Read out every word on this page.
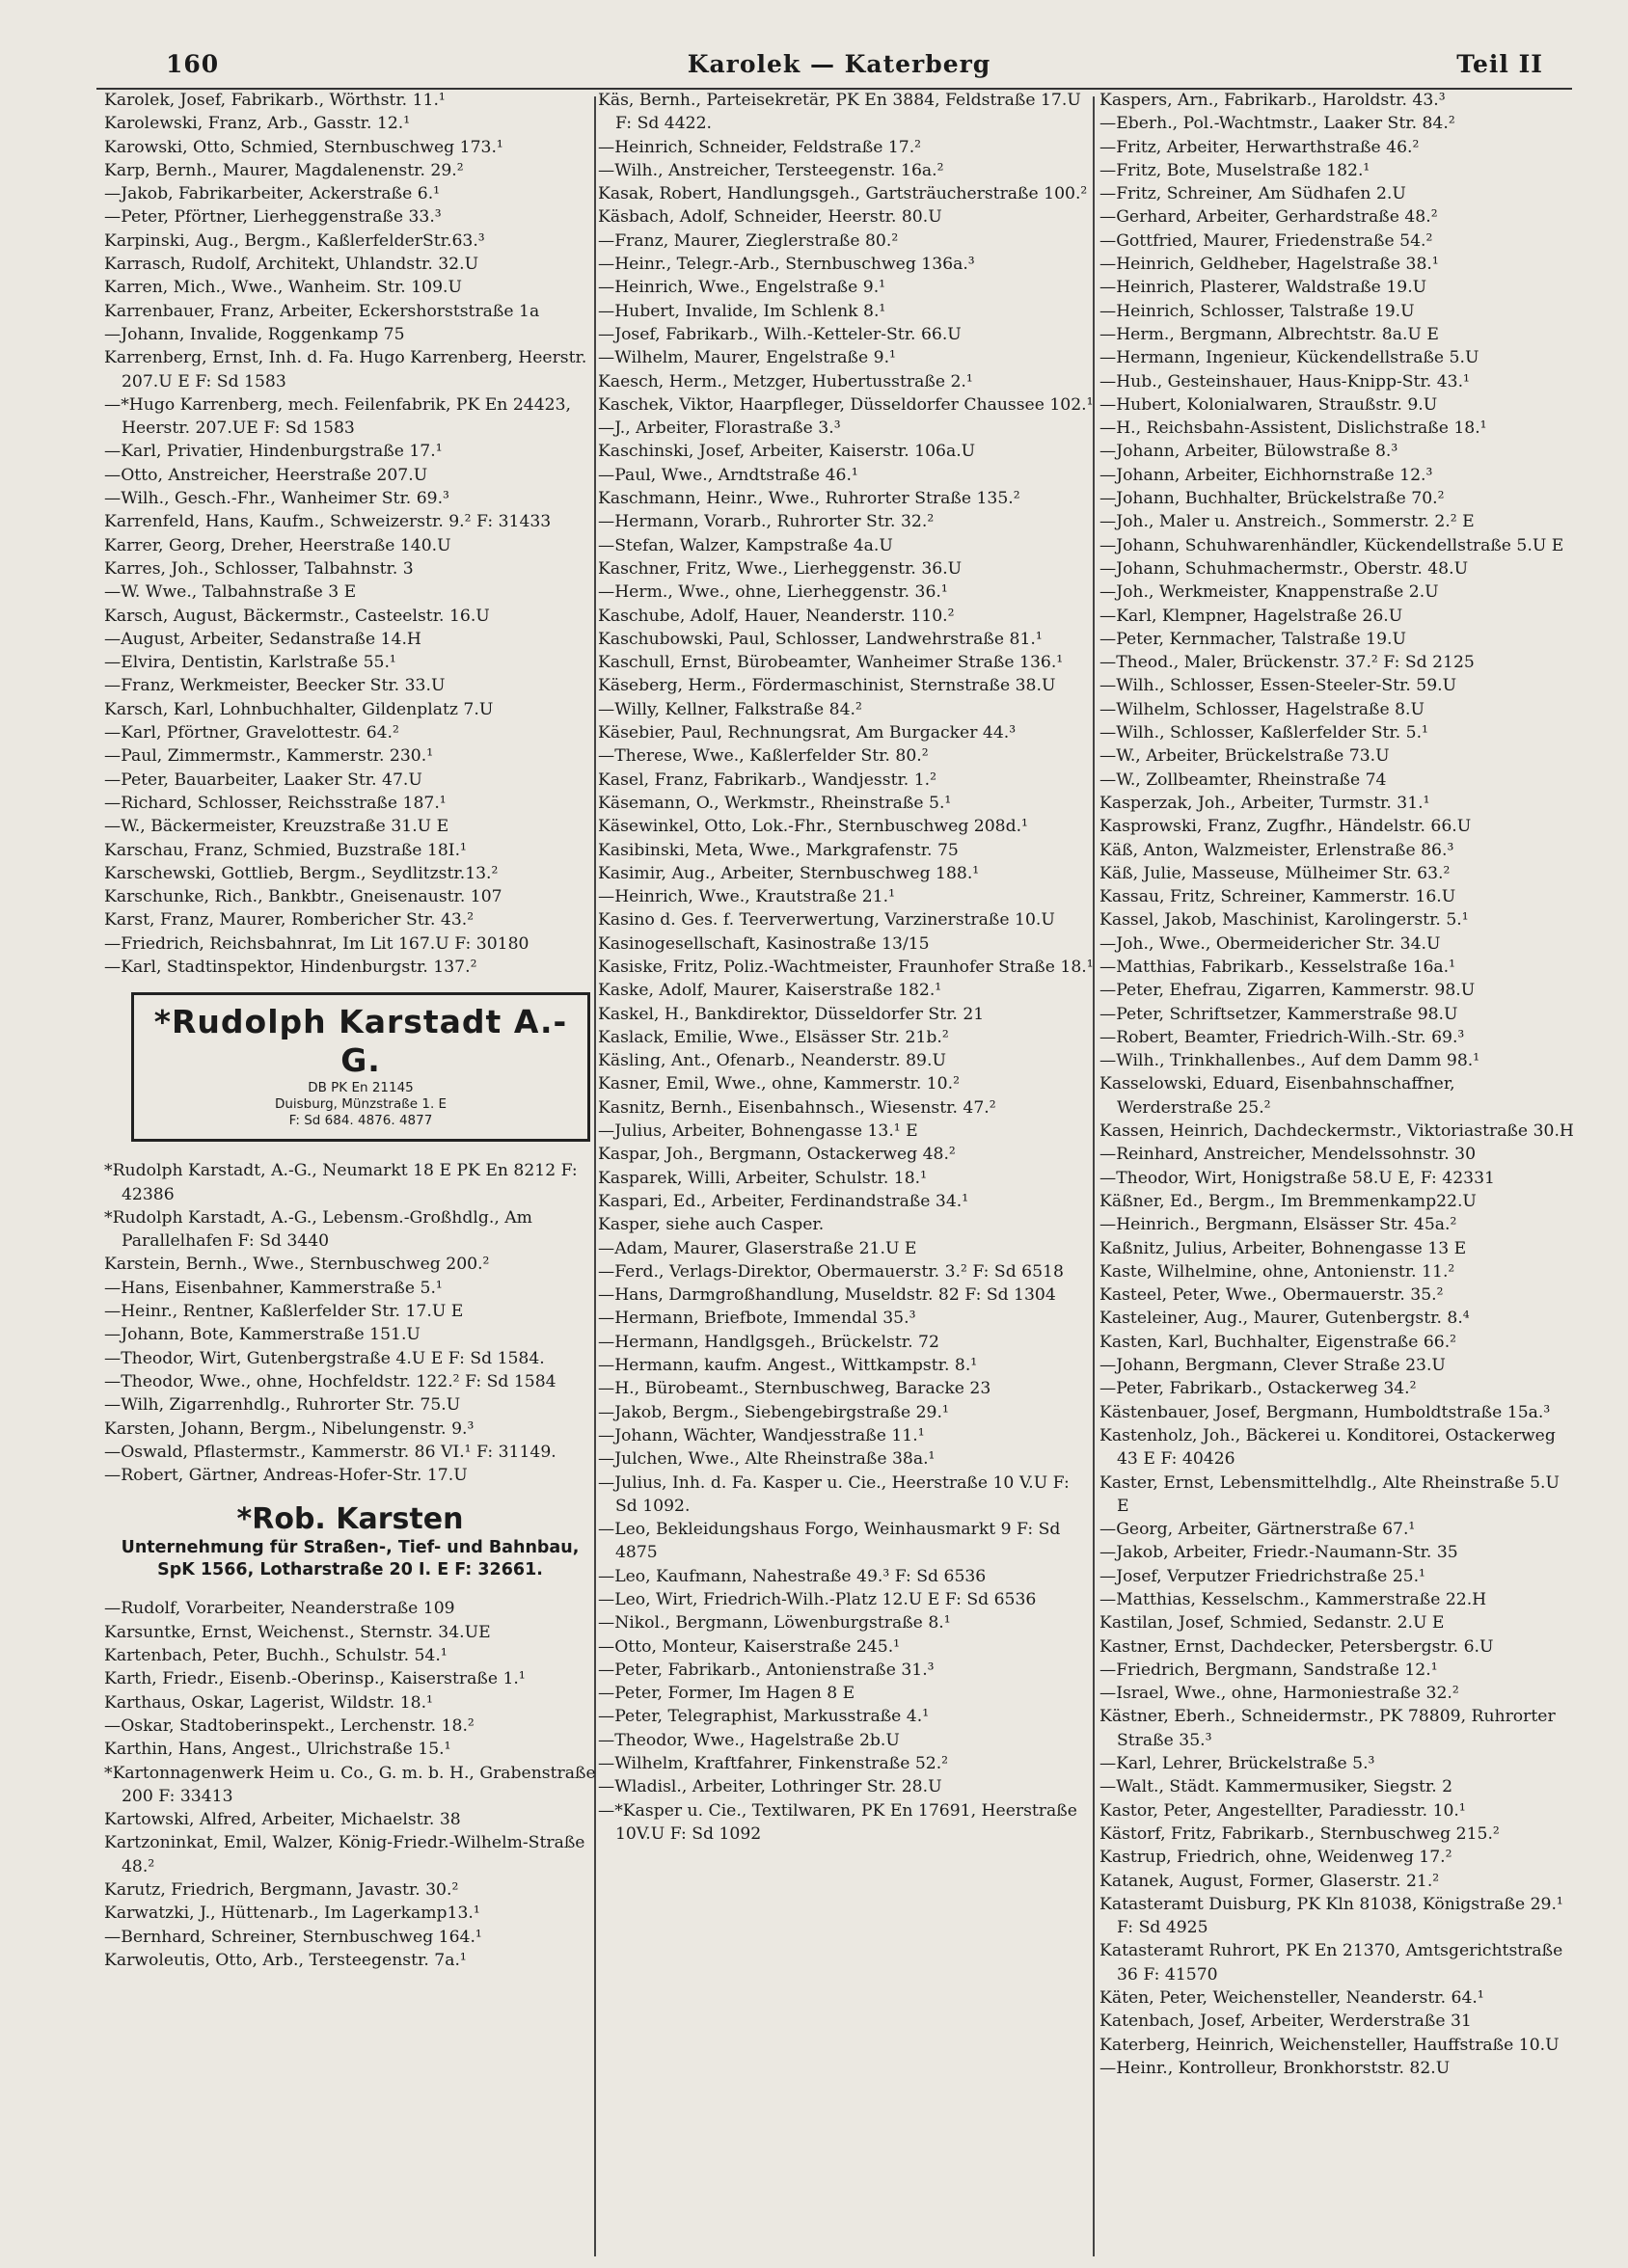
160	Karolek — Katerberg	Teil II

Karolek, Josef, Fabrikarb., Wörthstr. 11.¹

Karolewski, Franz, Arb., Gasstr. 12.¹

Karowski, Otto, Schmied, Sternbuschweg 173.¹

Karp, Bernh., Maurer, Magdalenenstr. 29.²

—Jakob, Fabrikarbeiter, Ackerstraße 6.¹

—Peter, Pförtner, Lierheggenstraße 33.³

Karpinski, Aug., Bergm., KaßlerfelderStr.63.³

Karrasch, Rudolf, Architekt, Uhlandstr. 32.U

Karren, Mich., Wwe., Wanheim. Str. 109.U

Karrenbauer, Franz, Arbeiter, Eckershorststraße 1a

—Johann, Invalide, Roggenkamp 75

Karrenberg, Ernst, Inh. d. Fa. Hugo Karrenberg, Heerstr. 207.U E F: Sd 1583

—*Hugo Karrenberg, mech. Feilenfabrik, PK En 24423, Heerstr. 207.UE F: Sd 1583

—Karl, Privatier, Hindenburgstraße 17.¹

—Otto, Anstreicher, Heerstraße 207.U

—Wilh., Gesch.-Fhr., Wanheimer Str. 69.³

Karrenfeld, Hans, Kaufm., Schweizerstr. 9.² F: 31433

Karrer, Georg, Dreher, Heerstraße 140.U

Karres, Joh., Schlosser, Talbahnstr. 3

—W. Wwe., Talbahnstraße 3 E

Karsch, August, Bäckermstr., Casteelstr. 16.U

—August, Arbeiter, Sedanstraße 14.H

—Elvira, Dentistin, Karlstraße 55.¹

—Franz, Werkmeister, Beecker Str. 33.U

Karsch, Karl, Lohnbuchhalter, Gildenplatz 7.U

—Karl, Pförtner, Gravelottestr. 64.²

—Paul, Zimmermstr., Kammerstr. 230.¹

—Peter, Bauarbeiter, Laaker Str. 47.U

—Richard, Schlosser, Reichsstraße 187.¹

—W., Bäckermeister, Kreuzstraße 31.U E

Karschau, Franz, Schmied, Buzstraße 18I.¹

Karschewski, Gottlieb, Bergm., Seydlitzstr.13.²

Karschunke, Rich., Bankbtr., Gneisenaustr. 107

Karst, Franz, Maurer, Rombericher Str. 43.²

—Friedrich, Reichsbahnrat, Im Lit 167.U F: 30180

—Karl, Stadtinspektor, Hindenburgstr. 137.²

*Rudolph Karstadt A.-G.
DB PK En 21145
Duisburg, Münzstraße 1. E
F: Sd 684. 4876. 4877

*Rudolph Karstadt, A.-G., Neumarkt 18 E PK En 8212 F: 42386

*Rudolph Karstadt, A.-G., Lebensm.-Großhdlg., Am Parallelhafen F: Sd 3440

Karstein, Bernh., Wwe., Sternbuschweg 200.²

—Hans, Eisenbahner, Kammerstraße 5.¹

—Heinr., Rentner, Kaßlerfelder Str. 17.U E

—Johann, Bote, Kammerstraße 151.U

—Theodor, Wirt, Gutenbergstraße 4.U E F: Sd 1584.

—Theodor, Wwe., ohne, Hochfeldstr. 122.² F: Sd 1584

—Wilh, Zigarrenhdlg., Ruhrorter Str. 75.U

Karsten, Johann, Bergm., Nibelungenstr. 9.³

—Oswald, Pflastermstr., Kammerstr. 86 VI.¹ F: 31149.

—Robert, Gärtner, Andreas-Hofer-Str. 17.U

*Rob. Karsten
Unternehmung für Straßen-, Tief- und Bahnbau, SpK 1566, Lotharstraße 20 I. E F: 32661.

—Rudolf, Vorarbeiter, Neanderstraße 109

Karsuntke, Ernst, Weichenst., Sternstr. 34.UE

Kartenbach, Peter, Buchh., Schulstr. 54.¹

Karth, Friedr., Eisenb.-Oberinsp., Kaiserstraße 1.¹

Karthaus, Oskar, Lagerist, Wildstr. 18.¹

—Oskar, Stadtoberinspekt., Lerchenstr. 18.²

Karthin, Hans, Angest., Ulrichstraße 15.¹

*Kartonnagenwerk Heim u. Co., G. m. b. H., Grabenstraße 200 F: 33413

Kartowski, Alfred, Arbeiter, Michaelstr. 38

Kartzoninkat, Emil, Walzer, König-Friedr.-Wilhelm-Straße 48.²

Karutz, Friedrich, Bergmann, Javastr. 30.²

Karwatzki, J., Hüttenarb., Im Lagerkamp13.¹

—Bernhard, Schreiner, Sternbuschweg 164.¹

Karwoleutis, Otto, Arb., Tersteegenstr. 7a.¹

Käs, Bernh., Parteisekretär, PK En 3884, Feldstraße 17.U F: Sd 4422.

—Heinrich, Schneider, Feldstraße 17.²

—Wilh., Anstreicher, Tersteegenstr. 16a.²

Kasak, Robert, Handlungsgeh., Gartsträucherstraße 100.²

Käsbach, Adolf, Schneider, Heerstr. 80.U

—Franz, Maurer, Zieglerstraße 80.²

—Heinr., Telegr.-Arb., Sternbuschweg 136a.³

—Heinrich, Wwe., Engelstraße 9.¹

—Hubert, Invalide, Im Schlenk 8.¹

—Josef, Fabrikarb., Wilh.-Ketteler-Str. 66.U

—Wilhelm, Maurer, Engelstraße 9.¹

Kaesch, Herm., Metzger, Hubertusstraße 2.¹

Kaschek, Viktor, Haarpfleger, Düsseldorfer Chaussee 102.¹

—J., Arbeiter, Florastraße 3.³

Kaschinski, Josef, Arbeiter, Kaiserstr. 106a.U

—Paul, Wwe., Arndtstraße 46.¹

Kaschmann, Heinr., Wwe., Ruhrorter Straße 135.²

—Hermann, Vorarb., Ruhrorter Str. 32.²

—Stefan, Walzer, Kampstraße 4a.U

Kaschner, Fritz, Wwe., Lierheggenstr. 36.U

—Herm., Wwe., ohne, Lierheggenstr. 36.¹

Kaschube, Adolf, Hauer, Neanderstr. 110.²

Kaschubowski, Paul, Schlosser, Landwehrstraße 81.¹

Kaschull, Ernst, Bürobeamter, Wanheimer Straße 136.¹

Käseberg, Herm., Fördermaschinist, Sternstraße 38.U

—Willy, Kellner, Falkstraße 84.²

Käsebier, Paul, Rechnungsrat, Am Burgacker 44.³

—Therese, Wwe., Kaßlerfelder Str. 80.²

Kasel, Franz, Fabrikarb., Wandjesstr. 1.²

Käsemann, O., Werkmstr., Rheinstraße 5.¹

Käsewinkel, Otto, Lok.-Fhr., Sternbuschweg 208d.¹

Kasibinski, Meta, Wwe., Markgrafenstr. 75

Kasimir, Aug., Arbeiter, Sternbuschweg 188.¹

—Heinrich, Wwe., Krautstraße 21.¹

Kasino d. Ges. f. Teerverwertung, Varzinerstraße 10.U

Kasinogesellschaft, Kasinostraße 13/15

Kasiske, Fritz, Poliz.-Wachtmeister, Fraunhofer Straße 18.¹

Kaske, Adolf, Maurer, Kaiserstraße 182.¹

Kaskel, H., Bankdirektor, Düsseldorfer Str. 21

Kaslack, Emilie, Wwe., Elsässer Str. 21b.²

Käsling, Ant., Ofenarb., Neanderstr. 89.U

Kasner, Emil, Wwe., ohne, Kammerstr. 10.²

Kasnitz, Bernh., Eisenbahnsch., Wiesenstr. 47.²

—Julius, Arbeiter, Bohnengasse 13.¹ E

Kaspar, Joh., Bergmann, Ostackerweg 48.²

Kasparek, Willi, Arbeiter, Schulstr. 18.¹

Kaspari, Ed., Arbeiter, Ferdinandstraße 34.¹

Kasper, siehe auch Casper.

—Adam, Maurer, Glaserstraße 21.U E

—Ferd., Verlags-Direktor, Obermauerstr. 3.² F: Sd 6518

—Hans, Darmgroßhandlung, Museldstr. 82 F: Sd 1304

—Hermann, Briefbote, Immendal 35.³

—Hermann, Handlgsgeh., Brückelstr. 72

—Hermann, kaufm. Angest., Wittkampstr. 8.¹

—H., Bürobeamt., Sternbuschweg, Baracke 23

—Jakob, Bergm., Siebengebirgstraße 29.¹

—Johann, Wächter, Wandjesstraße 11.¹

—Julchen, Wwe., Alte Rheinstraße 38a.¹

—Julius, Inh. d. Fa. Kasper u. Cie., Heerstraße 10 V.U F: Sd 1092.

—Leo, Bekleidungshaus Forgo, Weinhausmarkt 9 F: Sd 4875

—Leo, Kaufmann, Nahestraße 49.³ F: Sd 6536

—Leo, Wirt, Friedrich-Wilh.-Platz 12.U E F: Sd 6536

—Nikol., Bergmann, Löwenburgstraße 8.¹

—Otto, Monteur, Kaiserstraße 245.¹

—Peter, Fabrikarb., Antonienstraße 31.³

—Peter, Former, Im Hagen 8 E

—Peter, Telegraphist, Markusstraße 4.¹

—Theodor, Wwe., Hagelstraße 2b.U

—Wilhelm, Kraftfahrer, Finkenstraße 52.²

—Wladisl., Arbeiter, Lothringer Str. 28.U

—*Kasper u. Cie., Textilwaren, PK En 17691, Heerstraße 10V.U F: Sd 1092

Kaspers, Arn., Fabrikarb., Haroldstr. 43.³

—Eberh., Pol.-Wachtmstr., Laaker Str. 84.²

—Fritz, Arbeiter, Herwarthstraße 46.²

—Fritz, Bote, Muselstraße 182.¹

—Fritz, Schreiner, Am Südhafen 2.U

—Gerhard, Arbeiter, Gerhardstraße 48.²

—Gottfried, Maurer, Friedenstraße 54.²

—Heinrich, Geldheber, Hagelstraße 38.¹

—Heinrich, Plasterer, Waldstraße 19.U

—Heinrich, Schlosser, Talstraße 19.U

—Herm., Bergmann, Albrechtstr. 8a.U E

—Hermann, Ingenieur, Kückendellstraße 5.U

—Hub., Gesteinshauer, Haus-Knipp-Str. 43.¹

—Hubert, Kolonialwaren, Straußstr. 9.U

—H., Reichsbahn-Assistent, Dislichstraße 18.¹

—Johann, Arbeiter, Bülowstraße 8.³

—Johann, Arbeiter, Eichhornstraße 12.³

—Johann, Buchhalter, Brückelstraße 70.²

—Joh., Maler u. Anstreich., Sommerstr. 2.² E

—Johann, Schuhwarenhändler, Kückendellstraße 5.U E

—Johann, Schuhmachermstr., Oberstr. 48.U

—Joh., Werkmeister, Knappenstraße 2.U

—Karl, Klempner, Hagelstraße 26.U

—Peter, Kernmacher, Talstraße 19.U

—Theod., Maler, Brückenstr. 37.² F: Sd 2125

—Wilh., Schlosser, Essen-Steeler-Str. 59.U

—Wilhelm, Schlosser, Hagelstraße 8.U

—Wilh., Schlosser, Kaßlerfelder Str. 5.¹

—W., Arbeiter, Brückelstraße 73.U

—W., Zollbeamter, Rheinstraße 74

Kasperzak, Joh., Arbeiter, Turmstr. 31.¹

Kasprowski, Franz, Zugfhr., Händelstr. 66.U

Käß, Anton, Walzmeister, Erlenstraße 86.³

Käß, Julie, Masseuse, Mülheimer Str. 63.²

Kassau, Fritz, Schreiner, Kammerstr. 16.U

Kassel, Jakob, Maschinist, Karolingerstr. 5.¹

—Joh., Wwe., Obermeidericher Str. 34.U

—Matthias, Fabrikarb., Kesselstraße 16a.¹

—Peter, Ehefrau, Zigarren, Kammerstr. 98.U

—Peter, Schriftsetzer, Kammerstraße 98.U

—Robert, Beamter, Friedrich-Wilh.-Str. 69.³

—Wilh., Trinkhallenbes., Auf dem Damm 98.¹

Kasselowski, Eduard, Eisenbahnschaffner, Werderstraße 25.²

Kassen, Heinrich, Dachdeckermstr., Viktoriastraße 30.H

—Reinhard, Anstreicher, Mendelssohnstr. 30

—Theodor, Wirt, Honigstraße 58.U E, F: 42331

Käßner, Ed., Bergm., Im Bremmenkamp22.U

—Heinrich., Bergmann, Elsässer Str. 45a.²

Kaßnitz, Julius, Arbeiter, Bohnengasse 13 E

Kaste, Wilhelmine, ohne, Antonienstr. 11.²

Kasteel, Peter, Wwe., Obermauerstr. 35.²

Kasteleiner, Aug., Maurer, Gutenbergstr. 8.⁴

Kasten, Karl, Buchhalter, Eigenstraße 66.²

—Johann, Bergmann, Clever Straße 23.U

—Peter, Fabrikarb., Ostackerweg 34.²

Kästenbauer, Josef, Bergmann, Humboldtstraße 15a.³

Kastenholz, Joh., Bäckerei u. Konditorei, Ostackerweg 43 E F: 40426

Kaster, Ernst, Lebensmittelhdlg., Alte Rheinstraße 5.U E

—Georg, Arbeiter, Gärtnerstraße 67.¹

—Jakob, Arbeiter, Friedr.-Naumann-Str. 35

—Josef, Verputzer Friedrichstraße 25.¹

—Matthias, Kesselschm., Kammerstraße 22.H

Kastilan, Josef, Schmied, Sedanstr. 2.U E

Kastner, Ernst, Dachdecker, Petersbergstr. 6.U

—Friedrich, Bergmann, Sandstraße 12.¹

—Israel, Wwe., ohne, Harmoniestraße 32.²

Kästner, Eberh., Schneidermstr., PK 78809, Ruhrorter Straße 35.³

—Karl, Lehrer, Brückelstraße 5.³

—Walt., Städt. Kammermusiker, Siegstr. 2

Kastor, Peter, Angestellter, Paradiesstr. 10.¹

Kästorf, Fritz, Fabrikarb., Sternbuschweg 215.²

Kastrup, Friedrich, ohne, Weidenweg 17.²

Katanek, August, Former, Glaserstr. 21.²

Katasteramt Duisburg, PK Kln 81038, Königstraße 29.¹ F: Sd 4925

Katasteramt Ruhrort, PK En 21370, Amtsgerichtstraße 36 F: 41570

Käten, Peter, Weichensteller, Neanderstr. 64.¹

Katenbach, Josef, Arbeiter, Werderstraße 31

Katerberg, Heinrich, Weichensteller, Hauffstraße 10.U

—Heinr., Kontrolleur, Bronkhorststr. 82.U
